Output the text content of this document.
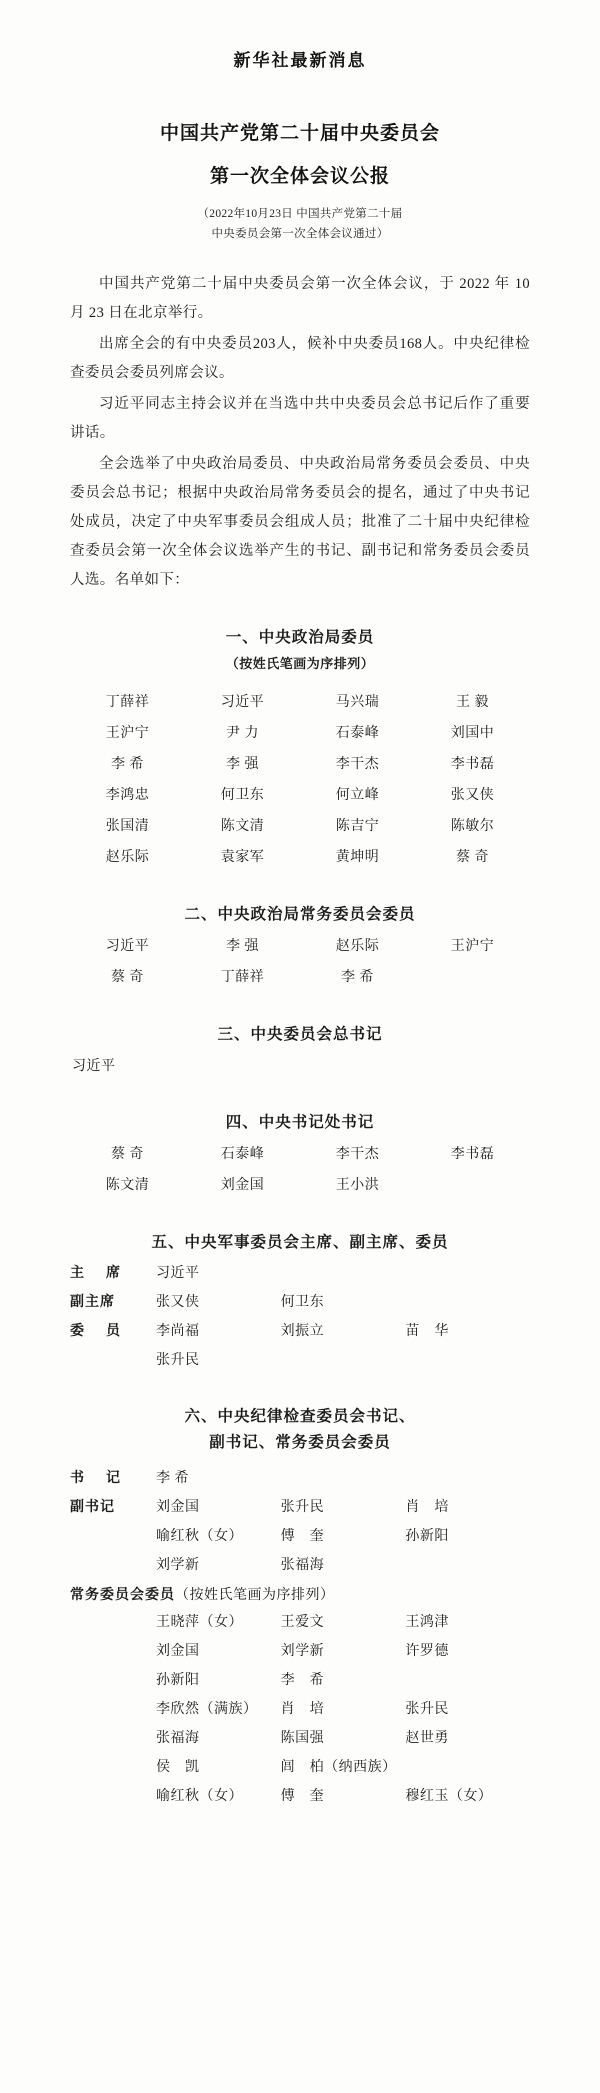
新华社最新消息
中国共产党第二十届中央委员会
第一次全体会议公报
（2022年10月23日 中国共产党第二十届
中央委员会第一次全体会议通过）

中国共产党第二十届中央委员会第一次全体会议，于 2022 年 10 月 23 日在北京举行。

出席全会的有中央委员203人，候补中央委员168人。中央纪律检查委员会委员列席会议。

习近平同志主持会议并在当选中共中央委员会总书记后作了重要讲话。

全会选举了中央政治局委员、中央政治局常务委员会委员、中央委员会总书记；根据中央政治局常务委员会的提名，通过了中央书记处成员，决定了中央军事委员会组成人员；批准了二十届中央纪律检查委员会第一次全体会议选举产生的书记、副书记和常务委员会委员人选。名单如下：

一、中央政治局委员
（按姓氏笔画为序排列）
丁薛祥	习近平	马兴瑞	王 毅
王沪宁	尹 力	石泰峰	刘国中
李 希	李 强	李干杰	李书磊
李鸿忠	何卫东	何立峰	张又侠
张国清	陈文清	陈吉宁	陈敏尔
赵乐际	袁家军	黄坤明	蔡 奇
二、中央政治局常务委员会委员
习近平	李 强	赵乐际	王沪宁
蔡 奇	丁薛祥	李 希
三、中央委员会总书记
习近平
四、中央书记处书记
蔡 奇	石泰峰	李干杰	李书磊
陈文清	刘金国	王小洪
五、中央军事委员会主席、副主席、委员
主　席	习近平
副主席	张又侠	何卫东
委　员	李尚福	刘振立	苗　华
张升民
六、中央纪律检查委员会书记、
副书记、常务委员会委员
书　记	李 希
副书记	刘金国	张升民	肖　培
喻红秋（女）	傅　奎	孙新阳
刘学新	张福海
常务委员会委员（按姓氏笔画为序排列）
王晓萍（女）	王爱文	王鸿津
刘金国	刘学新	许罗德
孙新阳	李　希
李欣然（满族）	肖　培	张升民
张福海	陈国强	赵世勇
侯　凯	闾　柏（纳西族）
喻红秋（女）	傅　奎	穆红玉（女）
